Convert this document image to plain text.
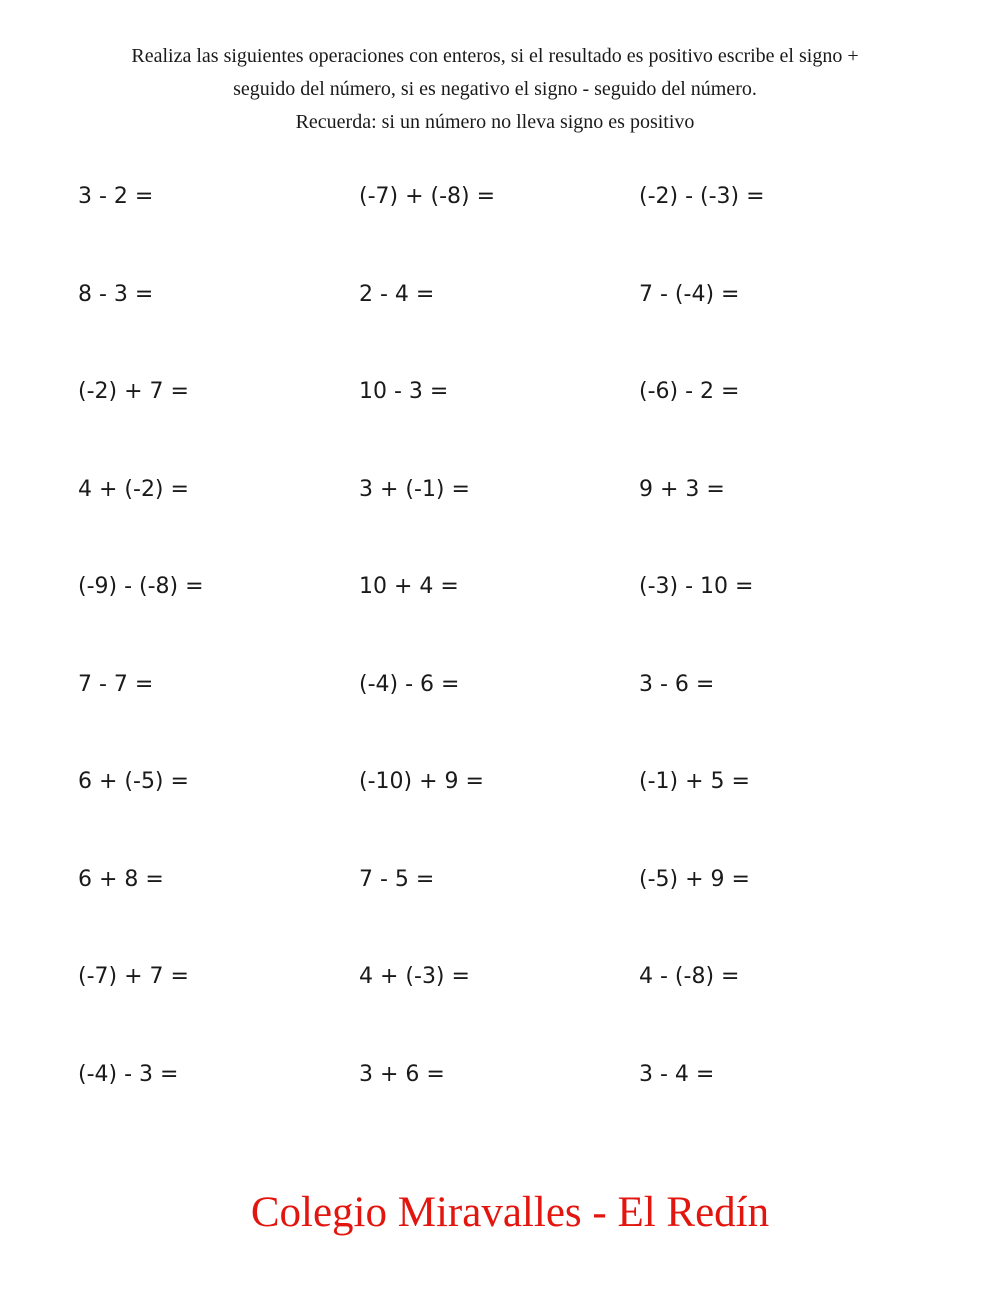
Realiza las siguientes operaciones con enteros, si el resultado es positivo escribe el signo +
seguido del número, si es negativo el signo - seguido del número.
Recuerda: si un número no lleva signo es positivo
3 - 2 =	(-7) + (-8) =	(-2) - (-3) =
8 - 3 =	2 - 4 =	7 - (-4) =
(-2) + 7 =	10 - 3 =	(-6) - 2 =
4 + (-2) =	3 + (-1) =	9 + 3 =
(-9) - (-8) =	10 + 4 =	(-3) - 10 =
7 - 7 =	(-4) - 6 =	3 - 6 =
6 + (-5) =	(-10) + 9 =	(-1) + 5 =
6 + 8 =	7 - 5 =	(-5) + 9 =
(-7) + 7 =	4 + (-3) =	4 - (-8) =
(-4) - 3 =	3 + 6 =	3 - 4 =
Colegio Miravalles - El Redín
